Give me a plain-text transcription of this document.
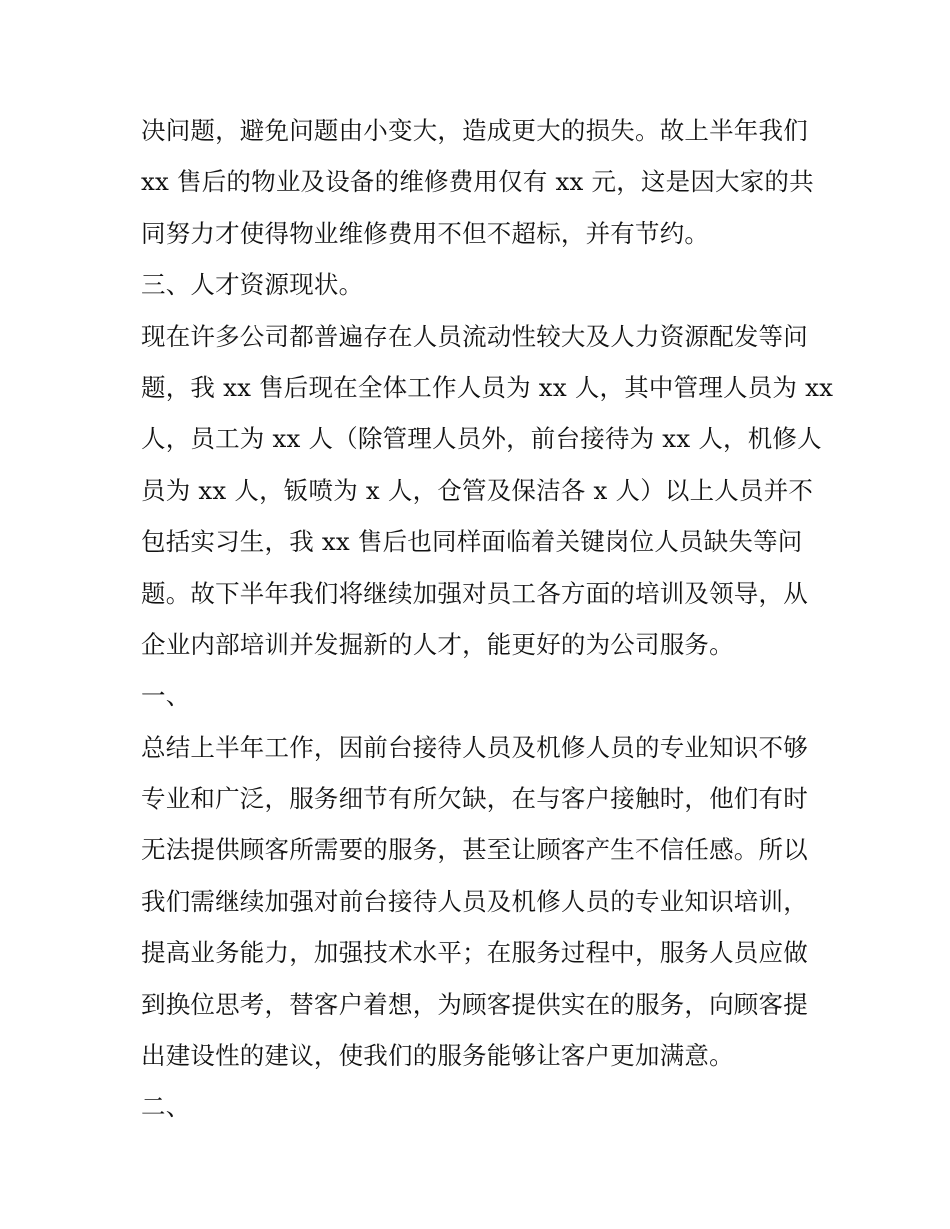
决问题，避免问题由小变大，造成更大的损失。故上半年我们
xx 售后的物业及设备的维修费用仅有 xx 元，这是因大家的共
同努力才使得物业维修费用不但不超标，并有节约。
三、人才资源现状。
现在许多公司都普遍存在人员流动性较大及人力资源配发等问
题，我 xx 售后现在全体工作人员为 xx 人，其中管理人员为 xx
人，员工为 xx 人（除管理人员外，前台接待为 xx 人，机修人
员为 xx 人，钣喷为 x 人，仓管及保洁各 x 人）以上人员并不
包括实习生，我 xx 售后也同样面临着关键岗位人员缺失等问
题。故下半年我们将继续加强对员工各方面的培训及领导，从
企业内部培训并发掘新的人才，能更好的为公司服务。
一、
总结上半年工作，因前台接待人员及机修人员的专业知识不够
专业和广泛，服务细节有所欠缺，在与客户接触时，他们有时
无法提供顾客所需要的服务，甚至让顾客产生不信任感。所以
我们需继续加强对前台接待人员及机修人员的专业知识培训，
提高业务能力，加强技术水平；在服务过程中，服务人员应做
到换位思考，替客户着想，为顾客提供实在的服务，向顾客提
出建设性的建议，使我们的服务能够让客户更加满意。
二、
